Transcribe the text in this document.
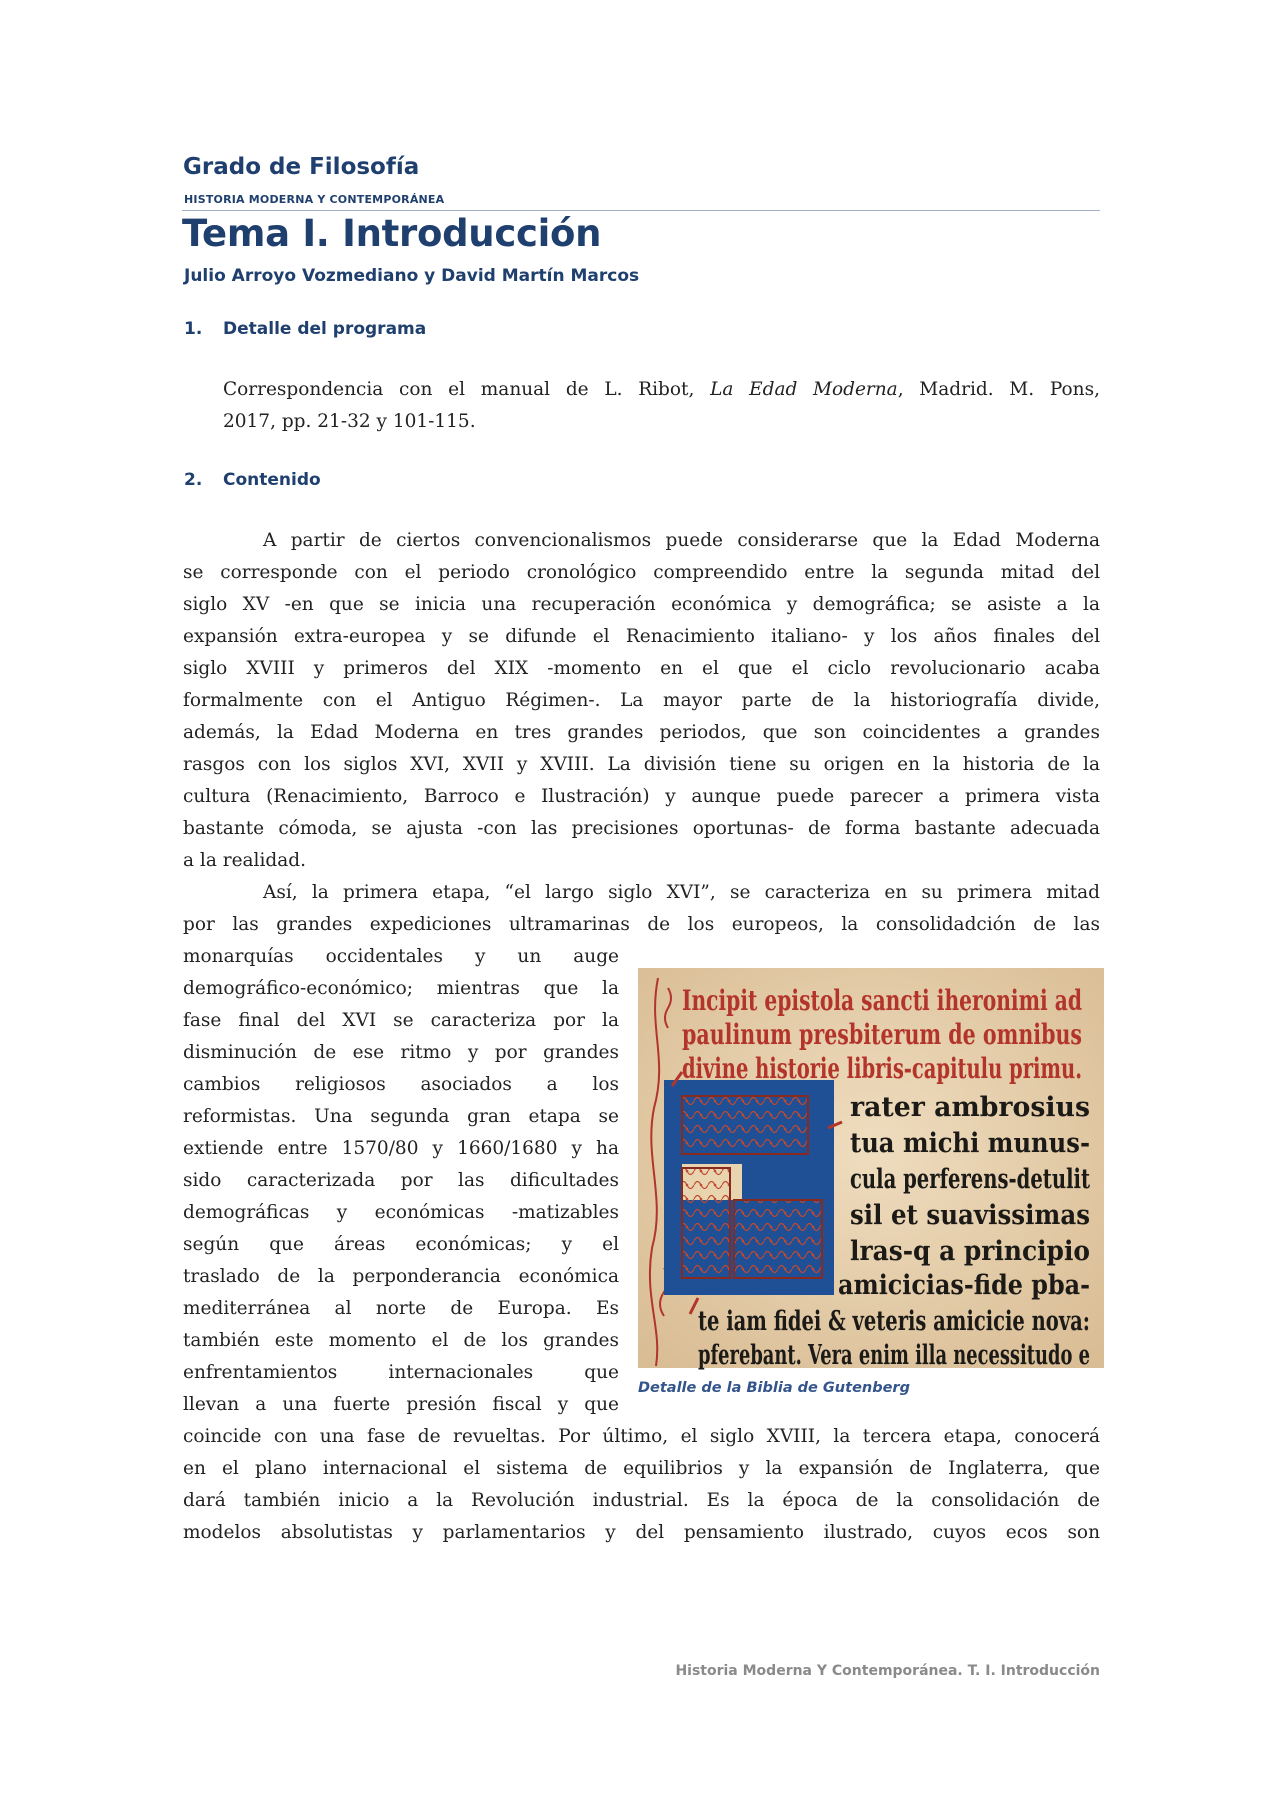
Grado de Filosofía
HISTORIA MODERNA Y CONTEMPORÁNEA
Tema I. Introducción
Julio Arroyo Vozmediano y David Martín Marcos
1. Detalle del programa
Correspondencia con el manual de L. Ribot, La Edad Moderna, Madrid. M. Pons,
2017, pp. 21-32 y 101-115.
2. Contenido
A partir de ciertos convencionalismos puede considerarse que la Edad Moderna
se corresponde con el periodo cronológico compreendido entre la segunda mitad del
siglo XV -en que se inicia una recuperación económica y demográfica; se asiste a la
expansión extra-europea y se difunde el Renacimiento italiano- y los años finales del
siglo XVIII y primeros del XIX -momento en el que el ciclo revolucionario acaba
formalmente con el Antiguo Régimen-. La mayor parte de la historiografía divide,
además, la Edad Moderna en tres grandes periodos, que son coincidentes a grandes
rasgos con los siglos XVI, XVII y XVIII. La división tiene su origen en la historia de la
cultura (Renacimiento, Barroco e Ilustración) y aunque puede parecer a primera vista
bastante cómoda, se ajusta -con las precisiones oportunas- de forma bastante adecuada
a la realidad.
Así, la primera etapa, “el largo siglo XVI”, se caracteriza en su primera mitad
por las grandes expediciones ultramarinas de los europeos, la consolidadción de las
monarquías occidentales y un auge
demográfico-económico; mientras que la
fase final del XVI se caracteriza por la
disminución de ese ritmo y por grandes
cambios religiosos asociados a los
reformistas. Una segunda gran etapa se
extiende entre 1570/80 y 1660/1680 y ha
sido caracterizada por las dificultades
demográficas y económicas -matizables
según que áreas económicas; y el
traslado de la perponderancia económica
mediterránea al norte de Europa. Es
también este momento el de los grandes
enfrentamientos internacionales que
llevan a una fuerte presión fiscal y que
coincide con una fase de revueltas. Por último, el siglo XVIII, la tercera etapa, conocerá
en el plano internacional el sistema de equilibrios y la expansión de Inglaterra, que
dará también inicio a la Revolución industrial. Es la época de la consolidación de
modelos absolutistas y parlamentarios y del pensamiento ilustrado, cuyos ecos son
Incipit epistola sancti iheronimi ad
paulinum presbiterum de omnibus
divine historie libris-capitulu primu.
rater ambrosius
tua michi munus-
cula perferens-detulit
sil et suavissimas
lras-q a principio
amicicias-fide pba-
te iam fidei & veteris amicicie nova:
pferebant. Vera enim illa necessitudo e
Detalle de la Biblia de Gutenberg
Historia Moderna Y Contemporánea. T. I. Introducción
